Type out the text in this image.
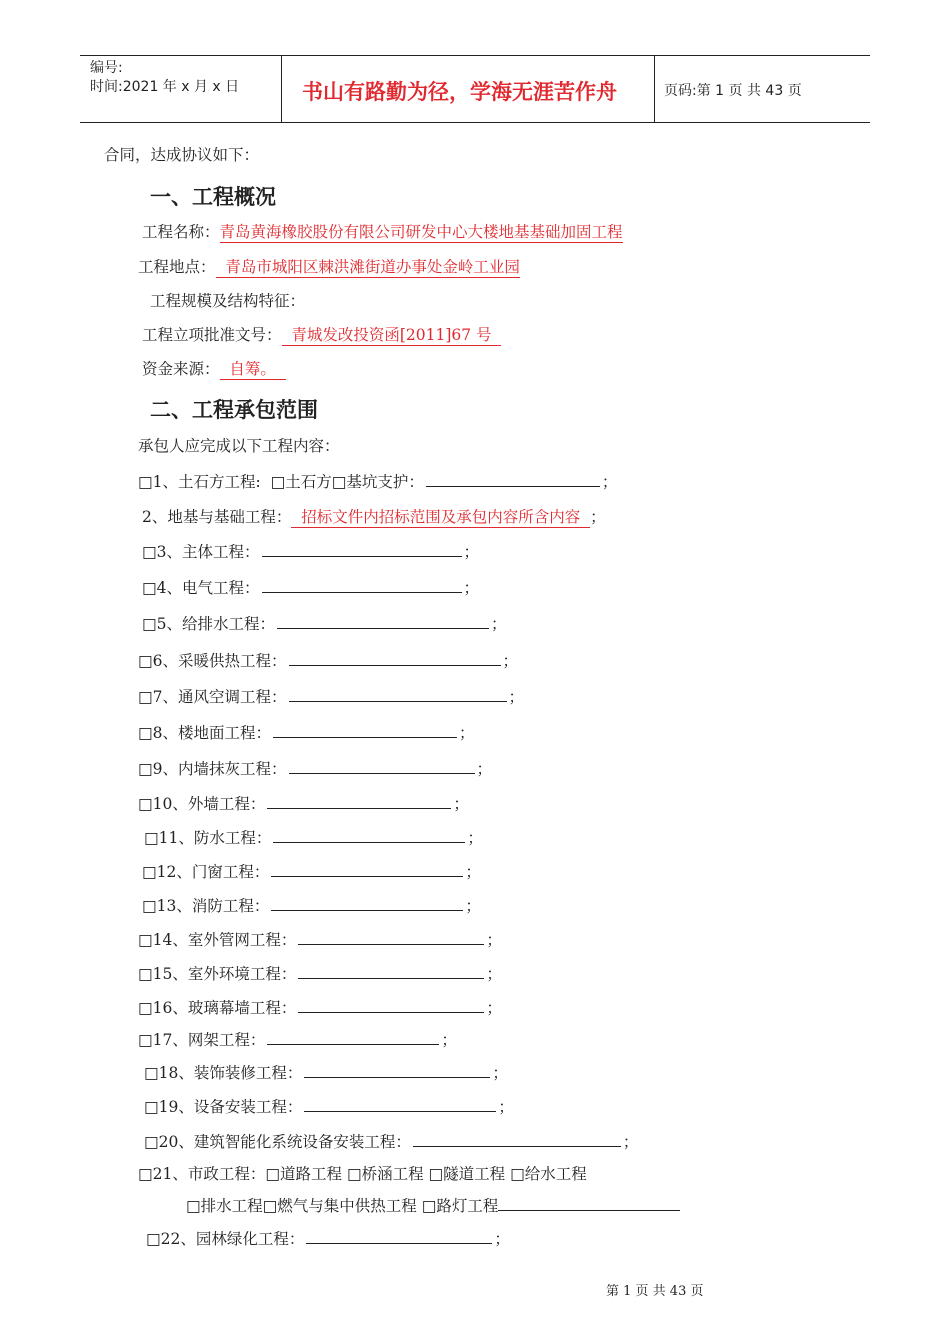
编号:
时间:2021 年 x 月 x 日	书山有路勤为径，学海无涯苦作舟	页码:第 1 页 共 43 页
合同，达成协议如下：
一、工程概况
工程名称：青岛黄海橡胶股份有限公司研发中心大楼地基基础加固工程
工程地点： 青岛市城阳区棘洪滩街道办事处金岭工业园
工程规模及结构特征：
工程立项批准文号： 青城发改投资函[2011]67 号
资金来源： 自筹。
二、工程承包范围
承包人应完成以下工程内容：
□1、土石方工程: □土石方□基坑支护：	；
2、地基与基础工程： 招标文件内招标范围及承包内容所含内容 ；
□3、主体工程：	；
□4、电气工程：	；
□5、给排水工程：	；
□6、采暖供热工程：	；
□7、通风空调工程：	；
□8、楼地面工程：	；
□9、内墙抹灰工程：	；
□10、外墙工程：	；
□11、防水工程：	；
□12、门窗工程：	；
□13、消防工程：	；
□14、室外管网工程：	；
□15、室外环境工程：	；
□16、玻璃幕墙工程：	；
□17、网架工程：	；
□18、装饰装修工程：	；
□19、设备安装工程：	；
□20、建筑智能化系统设备安装工程：	；
□21、市政工程：□道路工程 □桥涵工程 □隧道工程 □给水工程
□排水工程□燃气与集中供热工程 □路灯工程
□22、园林绿化工程：	；
第 1 页 共 43 页
